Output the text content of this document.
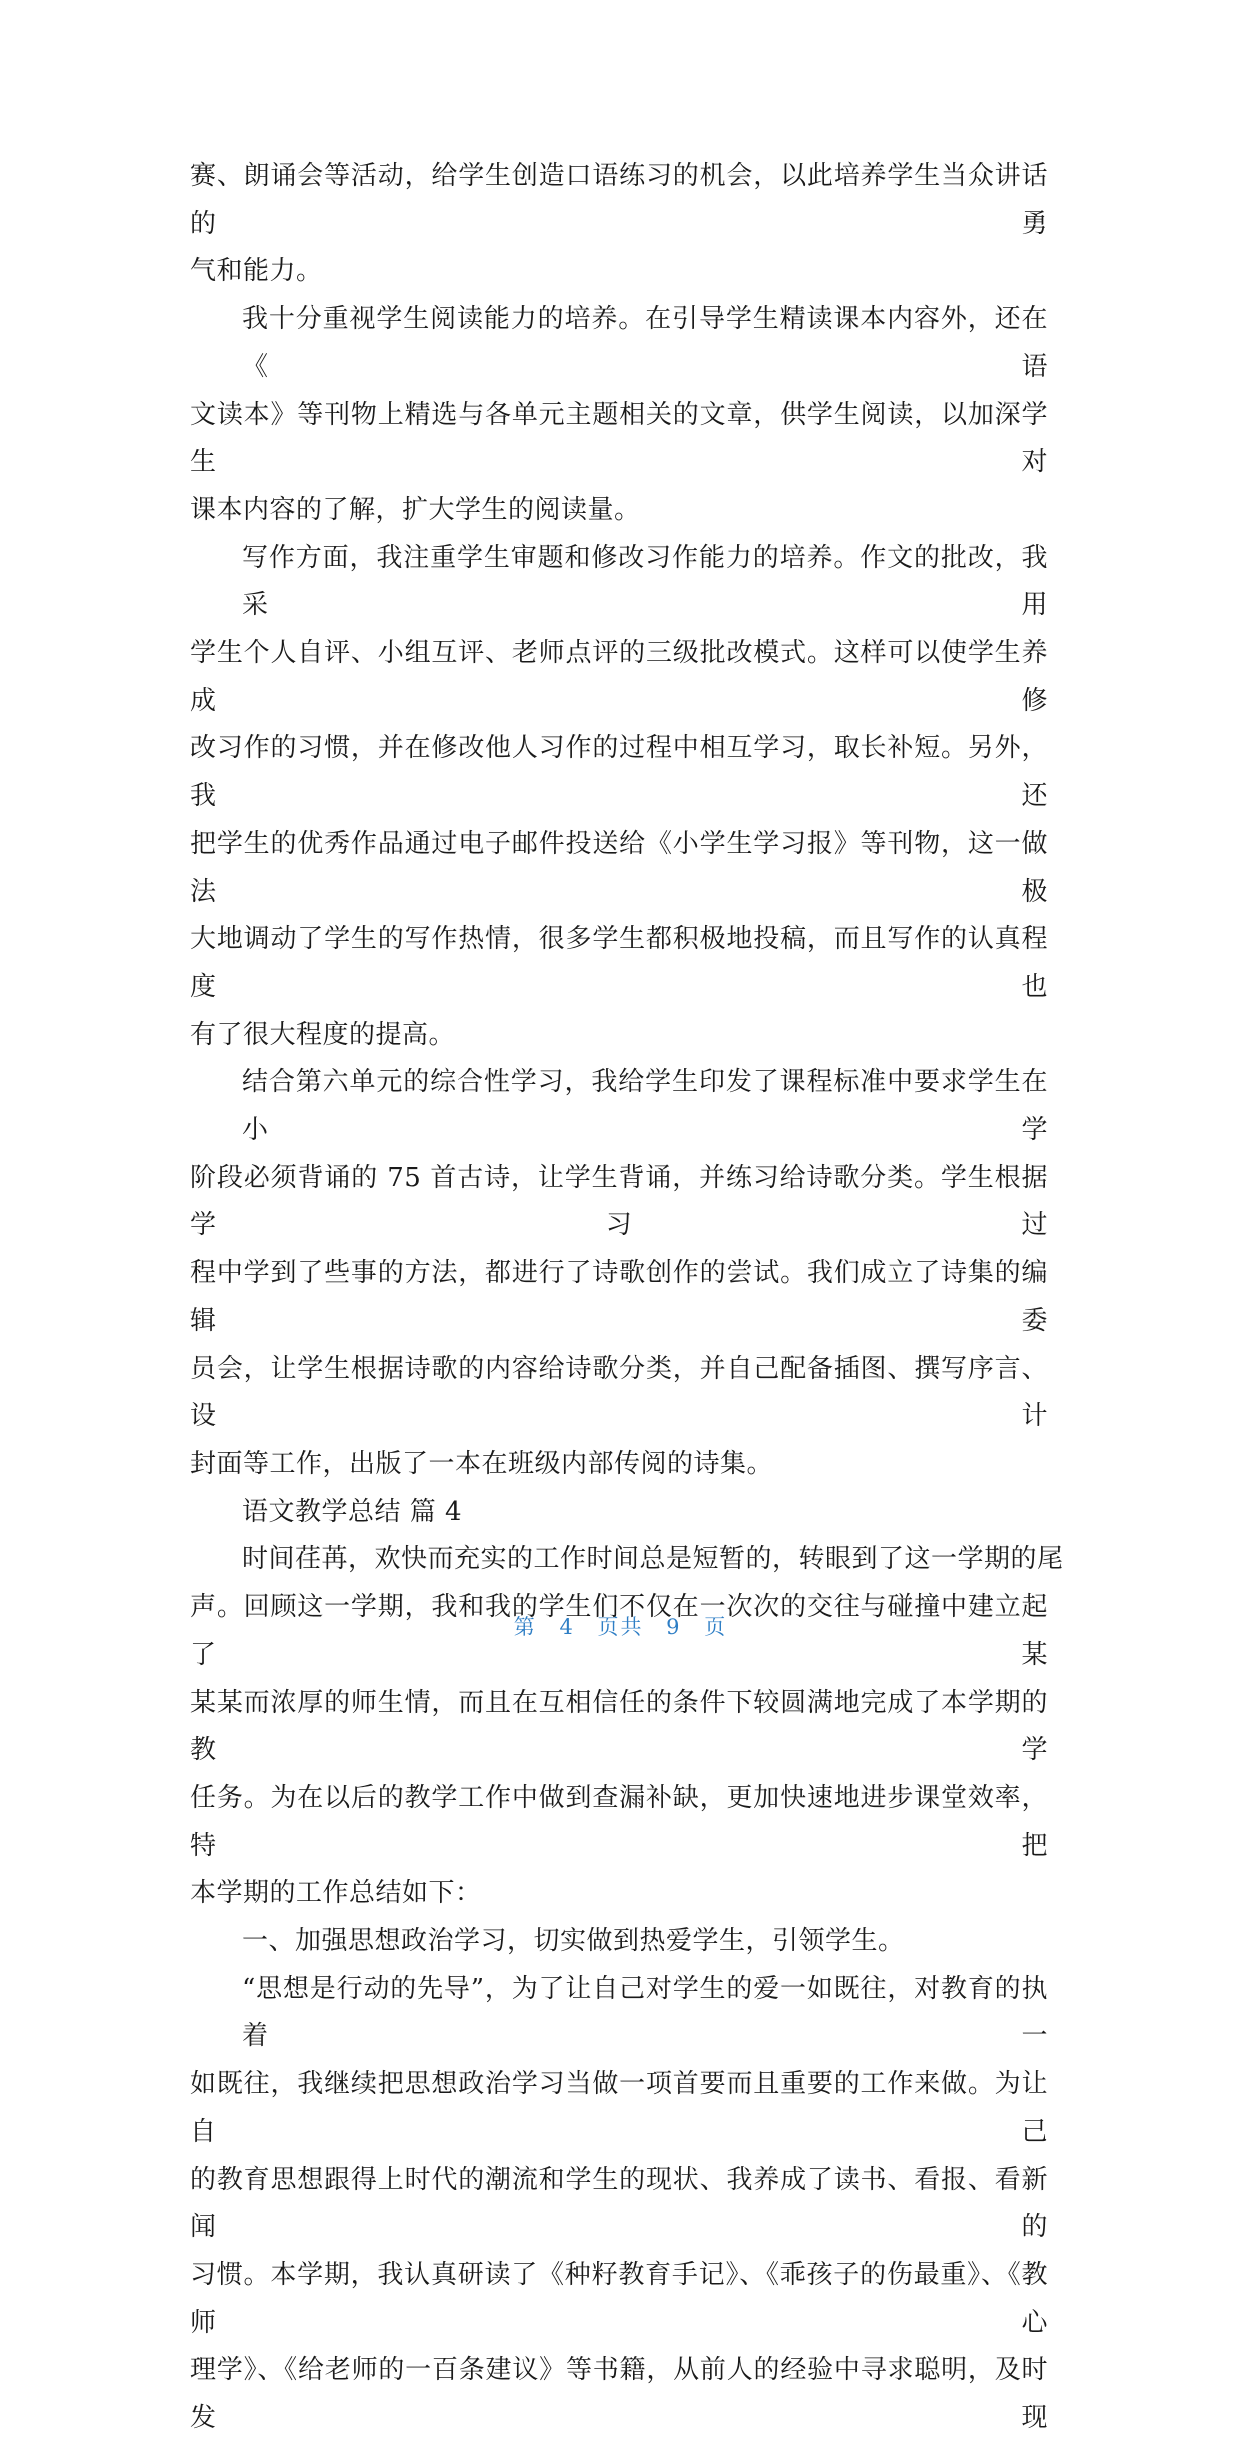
赛、朗诵会等活动，给学生创造口语练习的机会，以此培养学生当众讲话的勇
气和能力。
我十分重视学生阅读能力的培养。在引导学生精读课本内容外，还在《语
文读本》等刊物上精选与各单元主题相关的文章，供学生阅读，以加深学生对
课本内容的了解，扩大学生的阅读量。
写作方面，我注重学生审题和修改习作能力的培养。作文的批改，我采用
学生个人自评、小组互评、老师点评的三级批改模式。这样可以使学生养成修
改习作的习惯，并在修改他人习作的过程中相互学习，取长补短。另外，我还
把学生的优秀作品通过电子邮件投送给《小学生学习报》等刊物，这一做法极
大地调动了学生的写作热情，很多学生都积极地投稿，而且写作的认真程度也
有了很大程度的提高。
结合第六单元的综合性学习，我给学生印发了课程标准中要求学生在小学
阶段必须背诵的 75 首古诗，让学生背诵，并练习给诗歌分类。学生根据学习过
程中学到了些事的方法，都进行了诗歌创作的尝试。我们成立了诗集的编辑委
员会，让学生根据诗歌的内容给诗歌分类，并自己配备插图、撰写序言、设计
封面等工作，出版了一本在班级内部传阅的诗集。
语文教学总结 篇 4
时间荏苒，欢快而充实的工作时间总是短暂的，转眼到了这一学期的尾
声。回顾这一学期，我和我的学生们不仅在一次次的交往与碰撞中建立起了某
某某而浓厚的师生情，而且在互相信任的条件下较圆满地完成了本学期的教学
任务。为在以后的教学工作中做到查漏补缺，更加快速地进步课堂效率，特把
本学期的工作总结如下：
一、加强思想政治学习，切实做到热爱学生，引领学生。
“思想是行动的先导”，为了让自己对学生的爱一如既往，对教育的执着一
如既往，我继续把思想政治学习当做一项首要而且重要的工作来做。为让自己
的教育思想跟得上时代的潮流和学生的现状、我养成了读书、看报、看新闻的
习惯。本学期，我认真研读了《种籽教育手记》、《乖孩子的伤最重》、《教师心
理学》、《给老师的一百条建议》等书籍，从前人的经验中寻求聪明，及时发现
第 4 页共 9 页
